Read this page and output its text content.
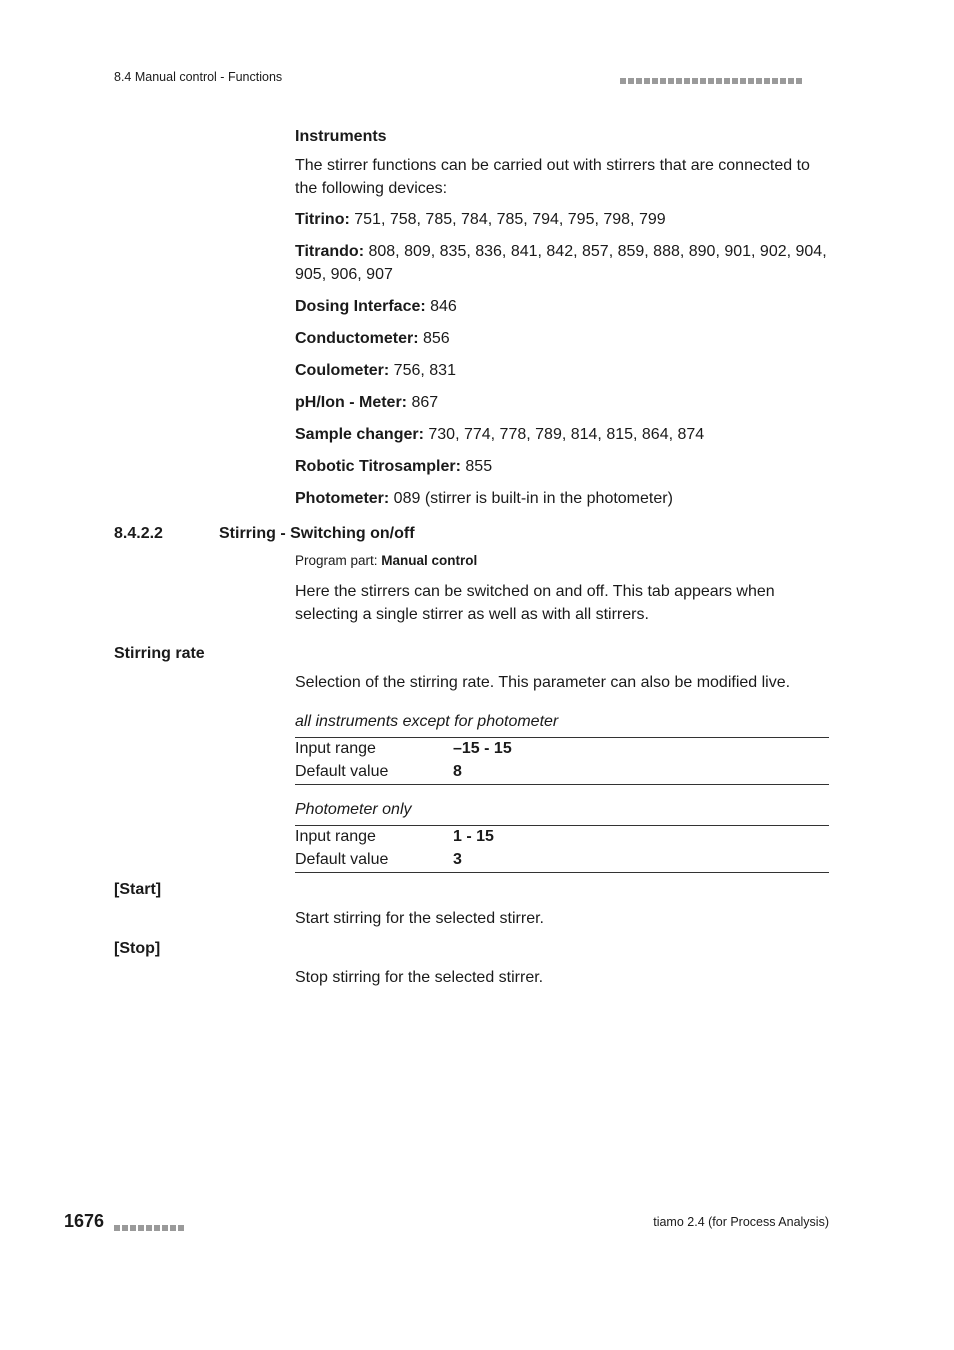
8.4 Manual control - Functions
Instruments
The stirrer functions can be carried out with stirrers that are connected to the following devices:
Titrino: 751, 758, 785, 784, 785, 794, 795, 798, 799
Titrando: 808, 809, 835, 836, 841, 842, 857, 859, 888, 890, 901, 902, 904, 905, 906, 907
Dosing Interface: 846
Conductometer: 856
Coulometer: 756, 831
pH/Ion - Meter: 867
Sample changer: 730, 774, 778, 789, 814, 815, 864, 874
Robotic Titrosampler: 855
Photometer: 089 (stirrer is built-in in the photometer)
8.4.2.2	Stirring - Switching on/off
Program part: Manual control
Here the stirrers can be switched on and off. This tab appears when selecting a single stirrer as well as with all stirrers.
Stirring rate
Selection of the stirring rate. This parameter can also be modified live.
all instruments except for photometer
Input range	–15 - 15
Default value	8
Photometer only
Input range	1 - 15
Default value	3
[Start]
Start stirring for the selected stirrer.
[Stop]
Stop stirring for the selected stirrer.
1676	tiamo 2.4 (for Process Analysis)
